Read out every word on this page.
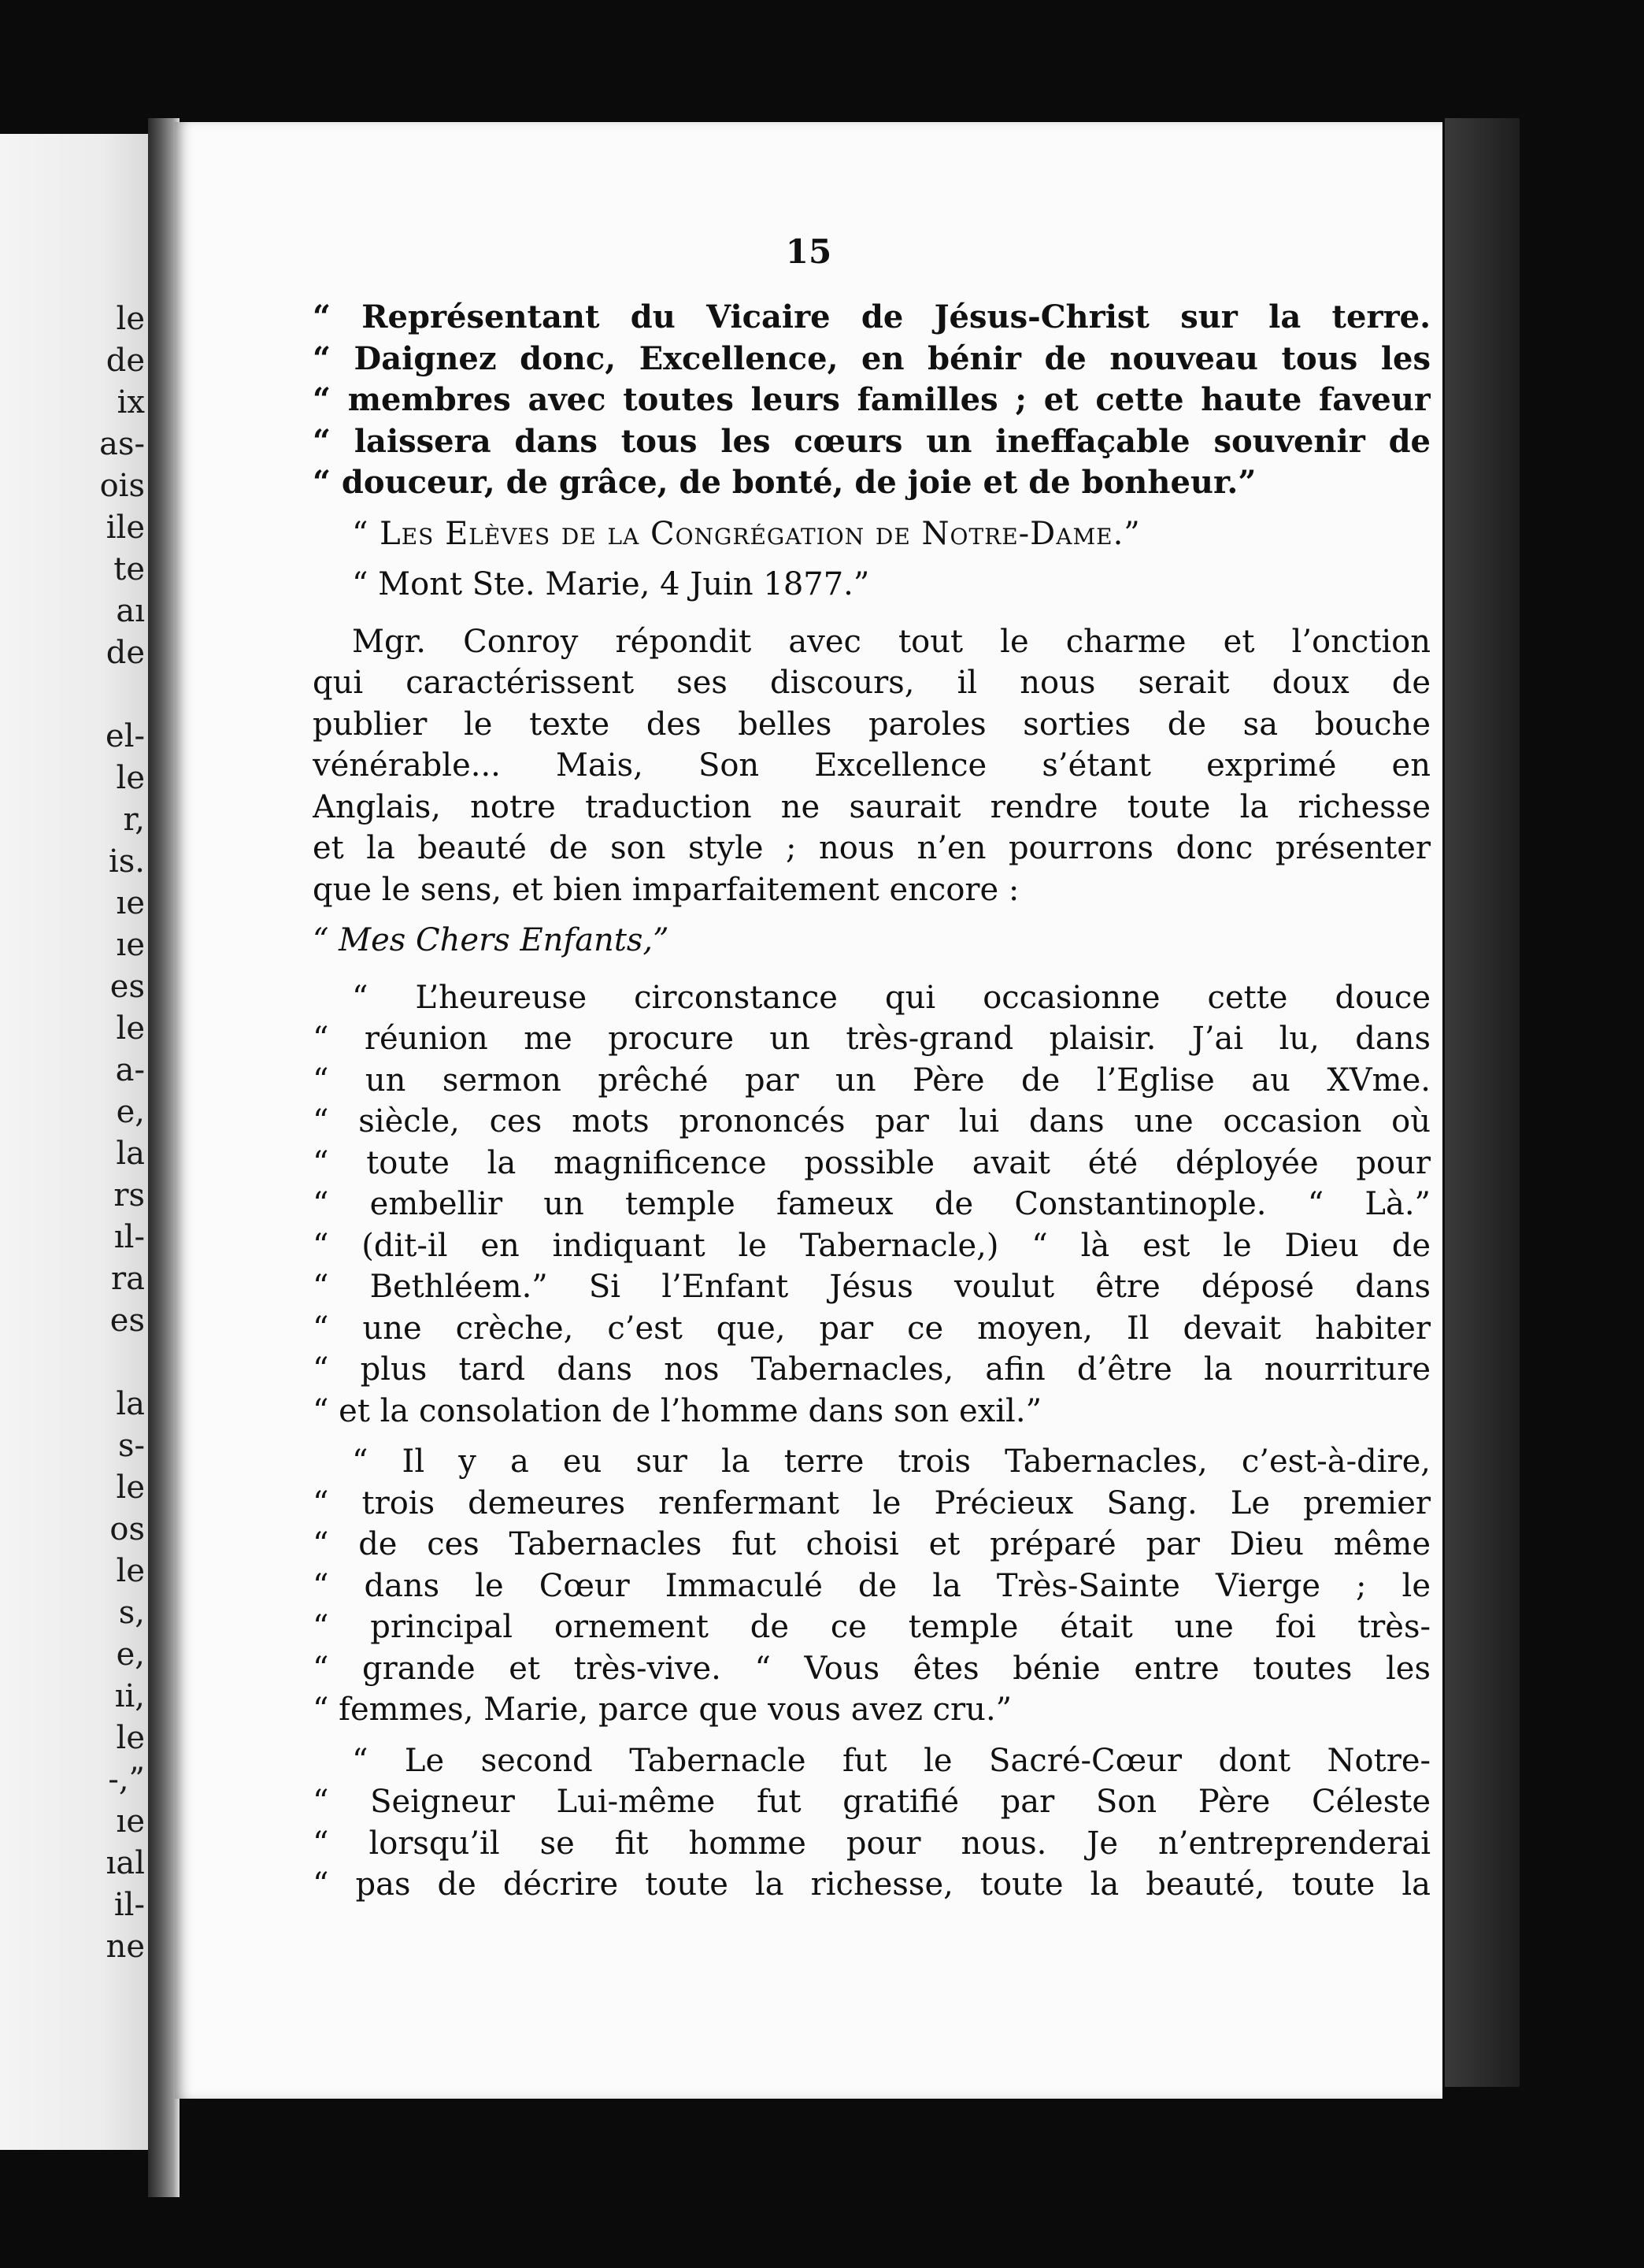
le
de
ix
as-
ois
ile
te
aı
de
el-
le
r,
is.
ıe
ıe
es
le
a-
e,
la
rs
ıl-
ra
es
la
s-
le
os
le
s,
e,
ıi,
le
-,”
ıe
ıal
il-
ne
15
“ Représentant du Vicaire de Jésus-Christ sur la terre.
“ Daignez donc, Excellence, en bénir de nouveau tous les
“ membres avec toutes leurs familles ; et cette haute faveur
“ laissera dans tous les cœurs un ineffaçable souvenir de
“ douceur, de grâce, de bonté, de joie et de bonheur.”
“ Les Elèves de la Congrégation de Notre-Dame.”
“ Mont Ste. Marie, 4 Juin 1877.”
Mgr. Conroy répondit avec tout le charme et l’onction
qui caractérissent ses discours, il nous serait doux de
publier le texte des belles paroles sorties de sa bouche
vénérable... Mais, Son Excellence s’étant exprimé en
Anglais, notre traduction ne saurait rendre toute la richesse
et la beauté de son style ; nous n’en pourrons donc présenter
que le sens, et bien imparfaitement encore :
“ Mes Chers Enfants,”
“ L’heureuse circonstance qui occasionne cette douce
“ réunion me procure un très-grand plaisir. J’ai lu, dans
“ un sermon prêché par un Père de l’Eglise au XVme.
“ siècle, ces mots prononcés par lui dans une occasion où
“ toute la magnificence possible avait été déployée pour
“ embellir un temple fameux de Constantinople. “ Là.”
“ (dit-il en indiquant le Tabernacle,) “ là est le Dieu de
“ Bethléem.” Si l’Enfant Jésus voulut être déposé dans
“ une crèche, c’est que, par ce moyen, Il devait habiter
“ plus tard dans nos Tabernacles, afin d’être la nourriture
“ et la consolation de l’homme dans son exil.”
“ Il y a eu sur la terre trois Tabernacles, c’est-à-dire,
“ trois demeures renfermant le Précieux Sang. Le premier
“ de ces Tabernacles fut choisi et préparé par Dieu même
“ dans le Cœur Immaculé de la Très-Sainte Vierge ; le
“ principal ornement de ce temple était une foi très-
“ grande et très-vive. “ Vous êtes bénie entre toutes les
“ femmes, Marie, parce que vous avez cru.”
“ Le second Tabernacle fut le Sacré-Cœur dont Notre-
“ Seigneur Lui-même fut gratifié par Son Père Céleste
“ lorsqu’il se fit homme pour nous. Je n’entreprenderai
“ pas de décrire toute la richesse, toute la beauté, toute la
